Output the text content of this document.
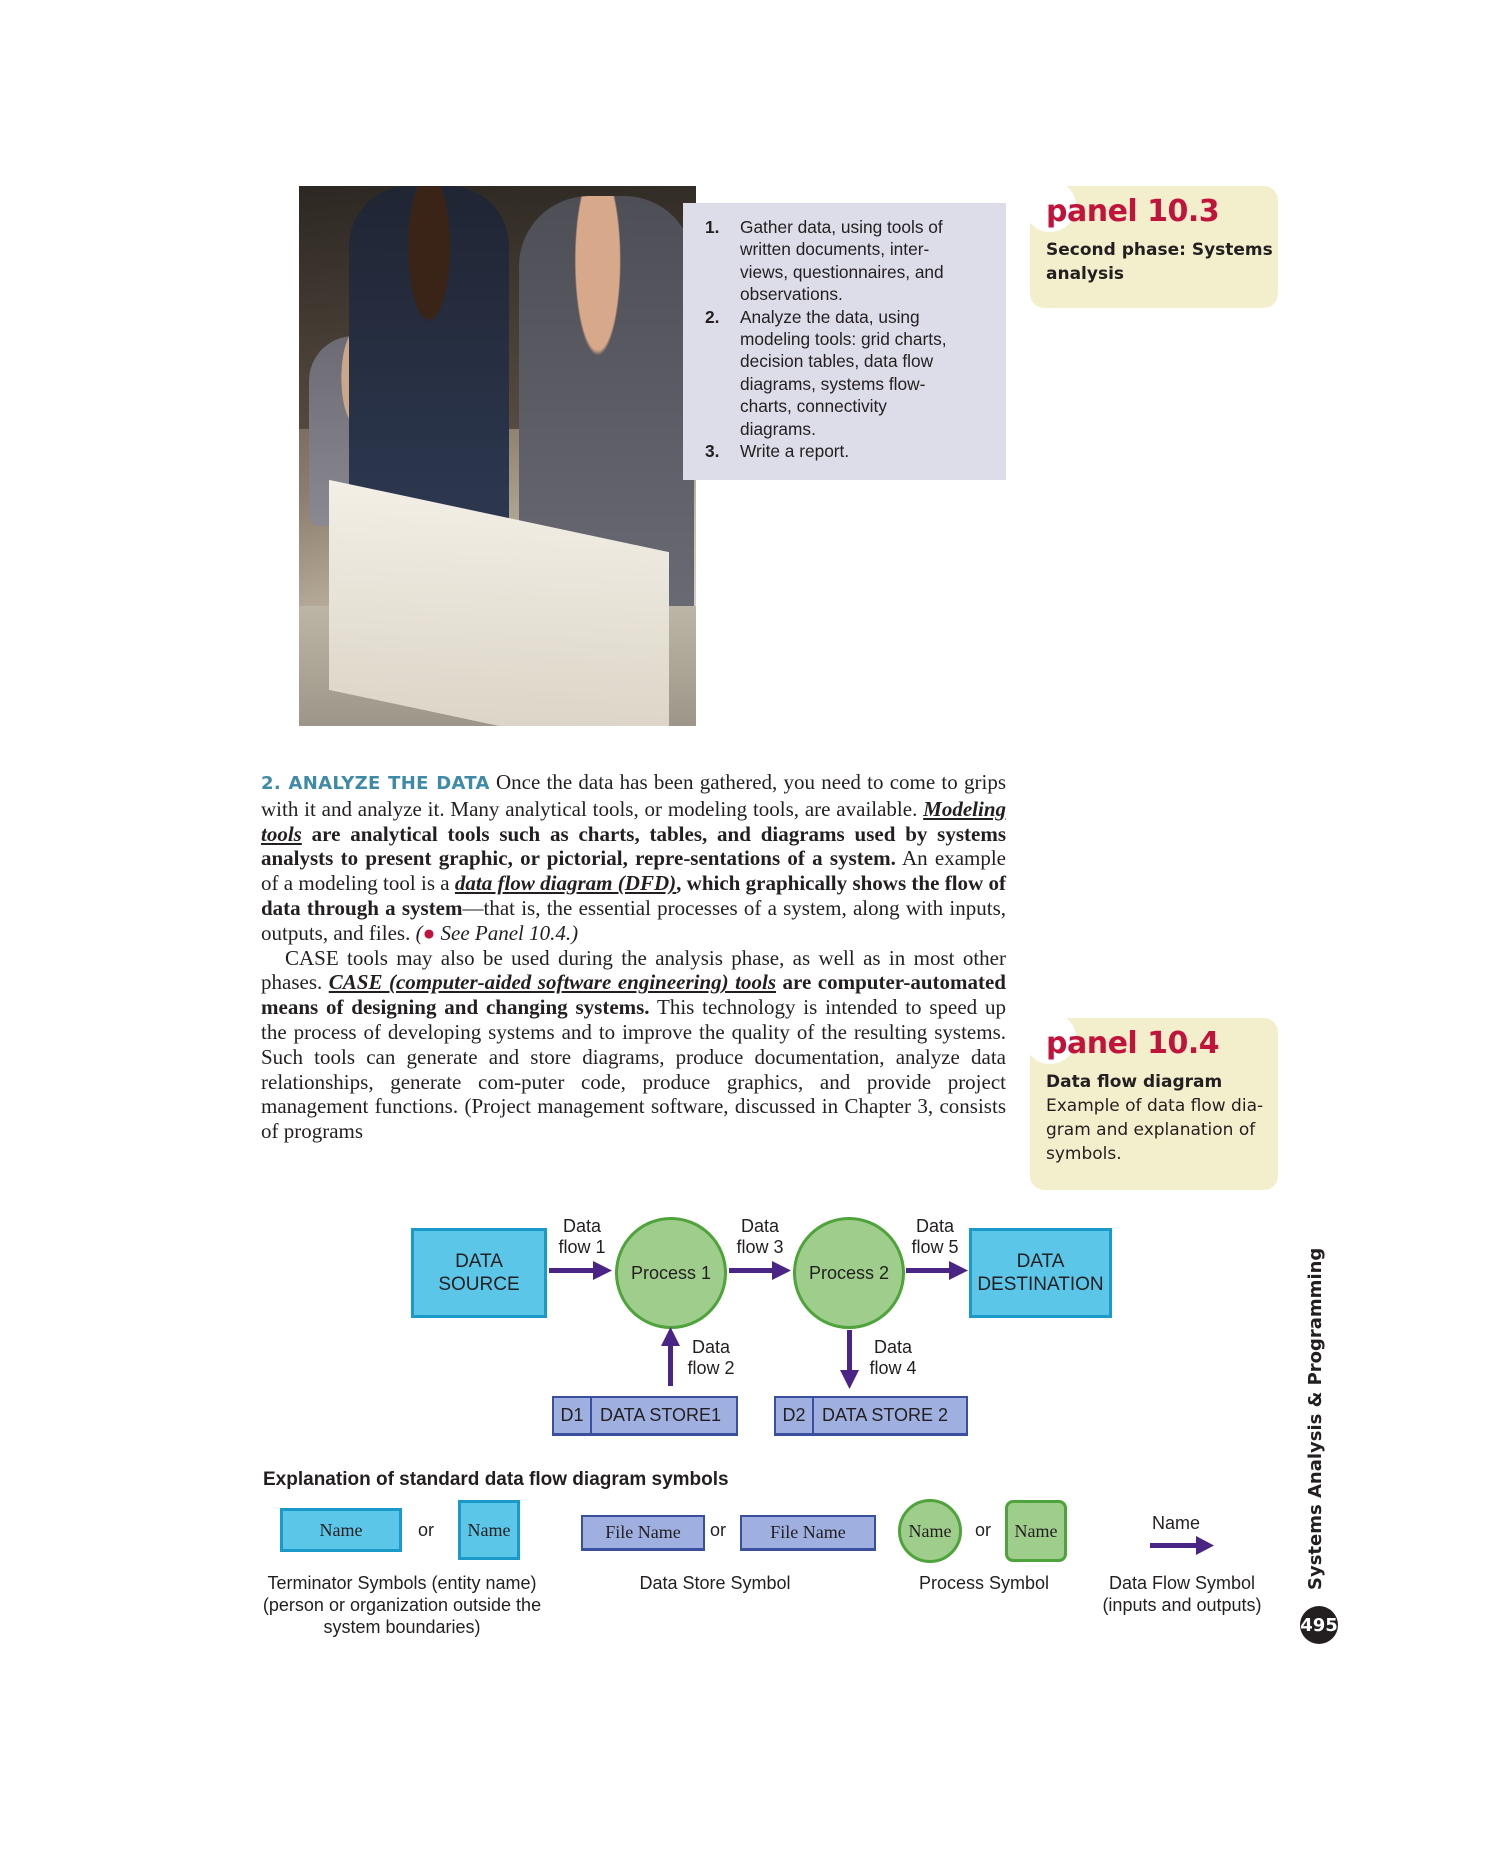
1.	Gather data, using tools of
written documents, inter-
views, questionnaires, and
observations.
2.	Analyze the data, using
modeling tools: grid charts,
decision tables, data flow
diagrams, systems flow-
charts, connectivity
diagrams.
3.	Write a report.
panel 10.3
Second phase: Systems
analysis
panel 10.4
Data flow diagram
Example of data flow dia-
gram and explanation of
symbols.

2. ANALYZE THE DATA Once the data has been gathered, you need to come to grips with it and analyze it. Many analytical tools, or modeling tools, are available. Modeling tools are analytical tools such as charts, tables, and diagrams used by systems analysts to present graphic, or pictorial, repre-sentations of a system. An example of a modeling tool is a data flow diagram (DFD), which graphically shows the flow of data through a system—that is, the essential processes of a system, along with inputs, outputs, and files. (● See Panel 10.4.)

CASE tools may also be used during the analysis phase, as well as in most other phases. CASE (computer-aided software engineering) tools are computer-automated means of designing and changing systems. This technology is intended to speed up the process of developing systems and to improve the quality of the resulting systems. Such tools can generate and store diagrams, produce documentation, analyze data relationships, generate com-puter code, produce graphics, and provide project management functions. (Project management software, discussed in Chapter 3, consists of programs

DATA
SOURCE
DATA
DESTINATION
Process 1	Process 2
Data
flow 1
Data
flow 3
Data
flow 5
Data
flow 2
Data
flow 4
D1 DATA STORE1	D2 DATA STORE 2
Explanation of standard data flow diagram symbols
Name	or	Name
Terminator Symbols (entity name)
(person or organization outside the
system boundaries)
File Name or File Name
Data Store Symbol
Name	or	Name
Process Symbol
Name
Data Flow Symbol
(inputs and outputs)
Systems Analysis & Programming
495
